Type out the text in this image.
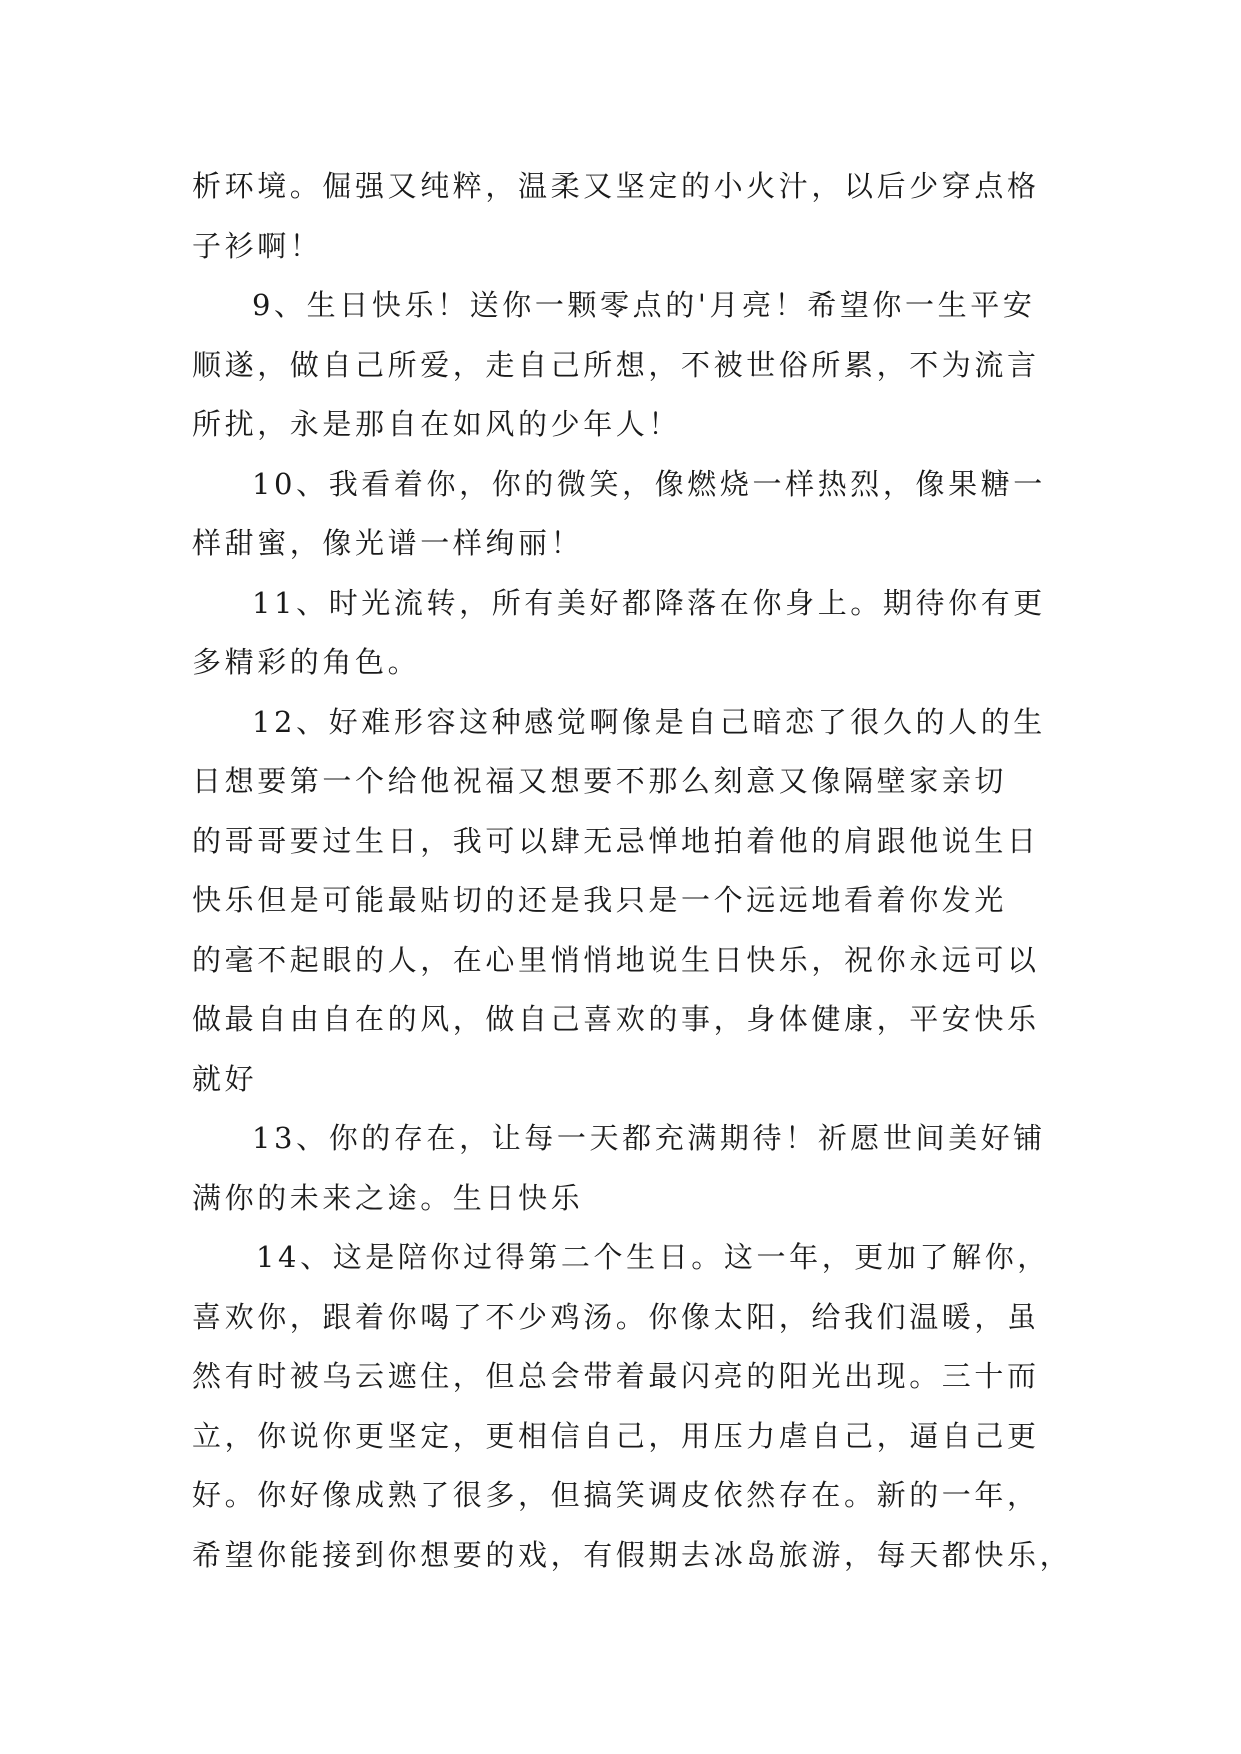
析环境。倔强又纯粹，温柔又坚定的小火汁，以后少穿点格
子衫啊！
9、生日快乐！送你一颗零点的'月亮！希望你一生平安
顺遂，做自己所爱，走自己所想，不被世俗所累，不为流言
所扰，永是那自在如风的少年人！
10、我看着你，你的微笑，像燃烧一样热烈，像果糖一
样甜蜜，像光谱一样绚丽！
11、时光流转，所有美好都降落在你身上。期待你有更
多精彩的角色。
12、好难形容这种感觉啊像是自己暗恋了很久的人的生
日想要第一个给他祝福又想要不那么刻意又像隔壁家亲切
的哥哥要过生日，我可以肆无忌惮地拍着他的肩跟他说生日
快乐但是可能最贴切的还是我只是一个远远地看着你发光
的毫不起眼的人，在心里悄悄地说生日快乐，祝你永远可以
做最自由自在的风，做自己喜欢的事，身体健康，平安快乐
就好
13、你的存在，让每一天都充满期待！祈愿世间美好铺
满你的未来之途。生日快乐
14、这是陪你过得第二个生日。这一年，更加了解你，
喜欢你，跟着你喝了不少鸡汤。你像太阳，给我们温暖，虽
然有时被乌云遮住，但总会带着最闪亮的阳光出现。三十而
立，你说你更坚定，更相信自己，用压力虐自己，逼自己更
好。你好像成熟了很多，但搞笑调皮依然存在。新的一年，
希望你能接到你想要的戏，有假期去冰岛旅游，每天都快乐，
